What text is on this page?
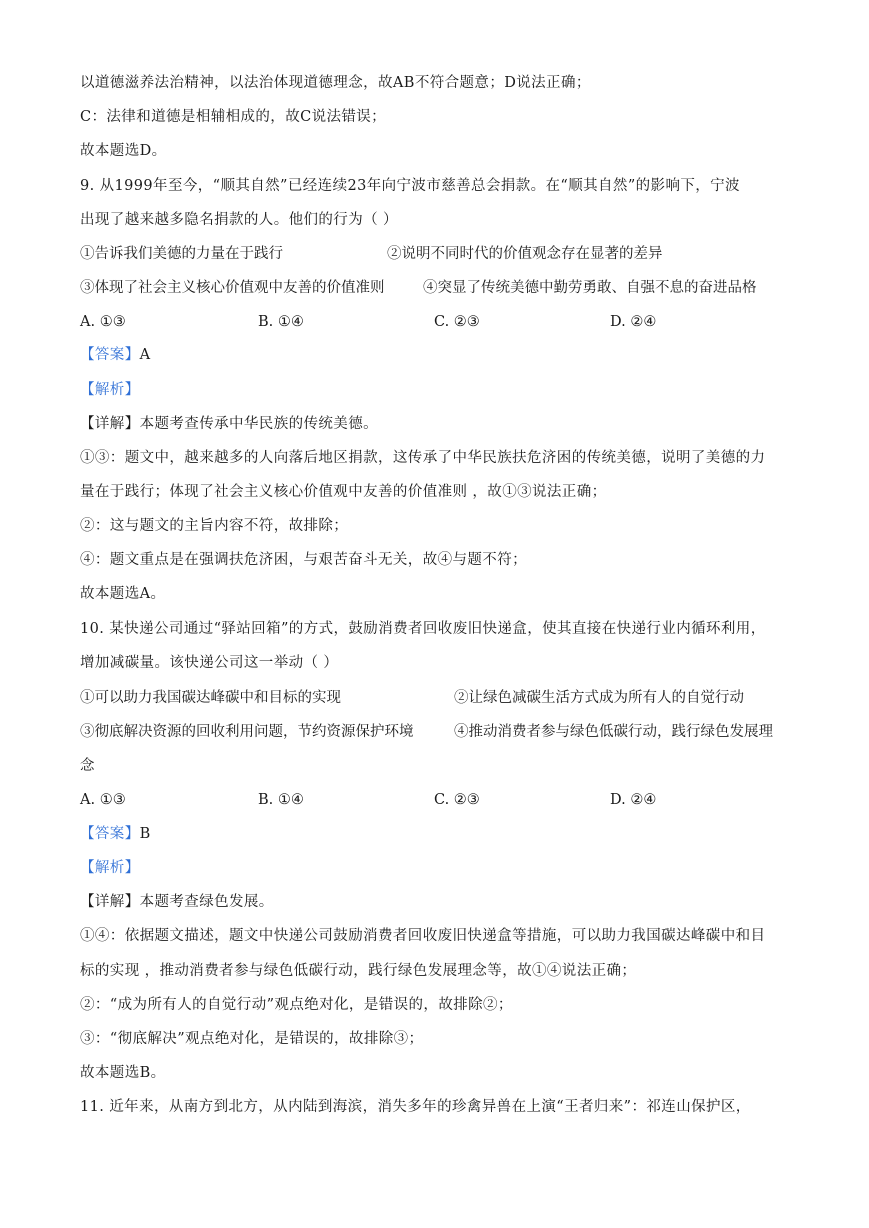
以道德滋养法治精神，以法治体现道德理念，故AB不符合题意；D说法正确；
C：法律和道德是相辅相成的，故C说法错误；
故本题选D。
9. 从1999年至今，“顺其自然”已经连续23年向宁波市慈善总会捐款。在“顺其自然”的影响下，宁波
出现了越来越多隐名捐款的人。他们的行为（ ）
①告诉我们美德的力量在于践行	②说明不同时代的价值观念存在显著的差异
③体现了社会主义核心价值观中友善的价值准则	④突显了传统美德中勤劳勇敢、自强不息的奋进品格
A. ①③	B. ①④	C. ②③	D. ②④
【答案】A
【解析】
【详解】本题考查传承中华民族的传统美德。
①③：题文中，越来越多的人向落后地区捐款，这传承了中华民族扶危济困的传统美德，说明了美德的力
量在于践行；体现了社会主义核心价值观中友善的价值准则 ，故①③说法正确；
②：这与题文的主旨内容不符，故排除；
④：题文重点是在强调扶危济困，与艰苦奋斗无关，故④与题不符；
故本题选A。
10. 某快递公司通过“驿站回箱”的方式，鼓励消费者回收废旧快递盒，使其直接在快递行业内循环利用，
增加减碳量。该快递公司这一举动（ ）
①可以助力我国碳达峰碳中和目标的实现	②让绿色减碳生活方式成为所有人的自觉行动
③彻底解决资源的回收利用问题，节约资源保护环境	④推动消费者参与绿色低碳行动，践行绿色发展理
念
A. ①③	B. ①④	C. ②③	D. ②④
【答案】B
【解析】
【详解】本题考查绿色发展。
①④：依据题文描述，题文中快递公司鼓励消费者回收废旧快递盒等措施，可以助力我国碳达峰碳中和目
标的实现 ，推动消费者参与绿色低碳行动，践行绿色发展理念等，故①④说法正确；
②：“成为所有人的自觉行动”观点绝对化，是错误的，故排除②；
③：“彻底解决”观点绝对化，是错误的，故排除③；
故本题选B。
11. 近年来，从南方到北方，从内陆到海滨，消失多年的珍禽异兽在上演“王者归来”：祁连山保护区，
